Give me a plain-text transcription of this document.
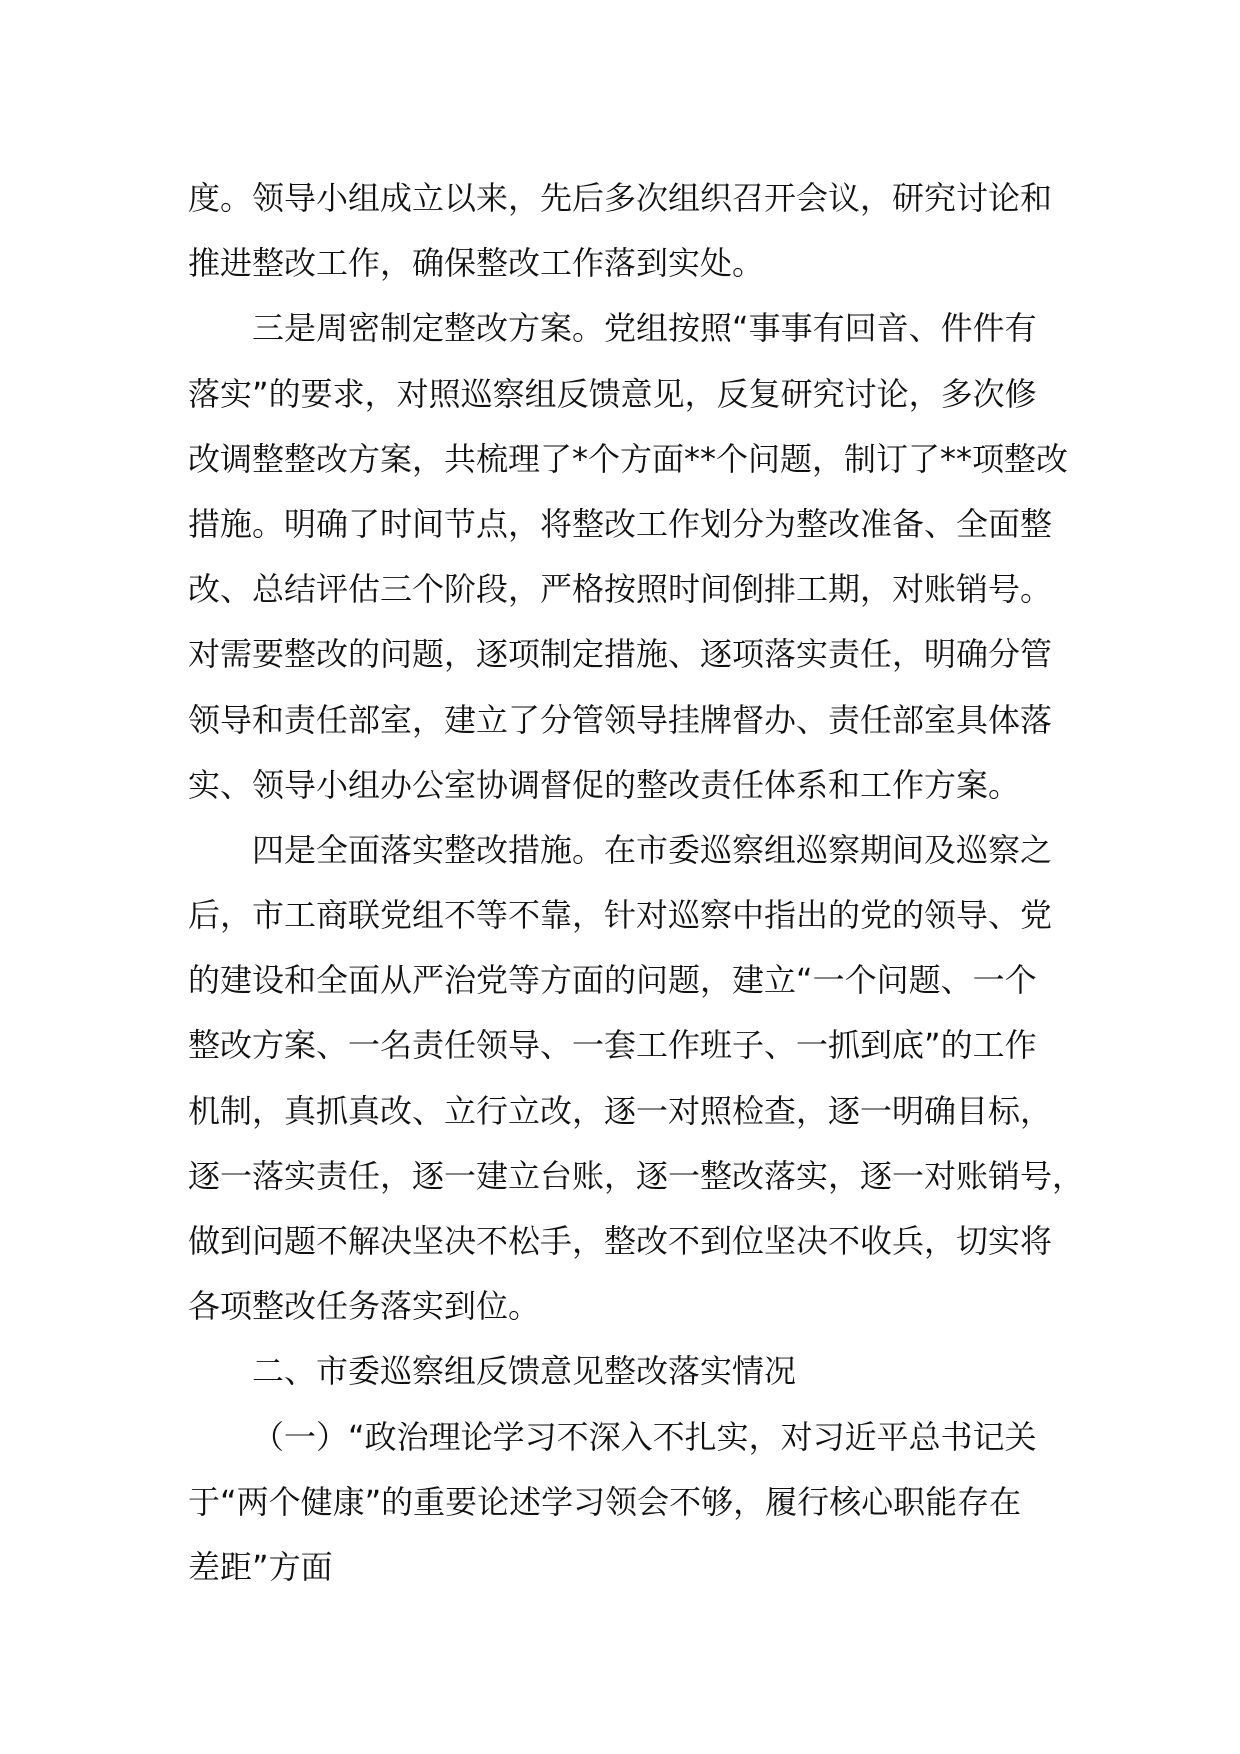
度。领导小组成立以来，先后多次组织召开会议，研究讨论和
推进整改工作，确保整改工作落到实处。
三是周密制定整改方案。党组按照“事事有回音、件件有
落实”的要求，对照巡察组反馈意见，反复研究讨论，多次修
改调整整改方案，共梳理了*个方面**个问题，制订了**项整改
措施。明确了时间节点，将整改工作划分为整改准备、全面整
改、总结评估三个阶段，严格按照时间倒排工期，对账销号。
对需要整改的问题，逐项制定措施、逐项落实责任，明确分管
领导和责任部室，建立了分管领导挂牌督办、责任部室具体落
实、领导小组办公室协调督促的整改责任体系和工作方案。
四是全面落实整改措施。在市委巡察组巡察期间及巡察之
后，市工商联党组不等不靠，针对巡察中指出的党的领导、党
的建设和全面从严治党等方面的问题，建立“一个问题、一个
整改方案、一名责任领导、一套工作班子、一抓到底”的工作
机制，真抓真改、立行立改，逐一对照检查，逐一明确目标，
逐一落实责任，逐一建立台账，逐一整改落实，逐一对账销号，
做到问题不解决坚决不松手，整改不到位坚决不收兵，切实将
各项整改任务落实到位。
二、市委巡察组反馈意见整改落实情况
（一）“政治理论学习不深入不扎实，对习近平总书记关
于“两个健康”的重要论述学习领会不够，履行核心职能存在
差距”方面
